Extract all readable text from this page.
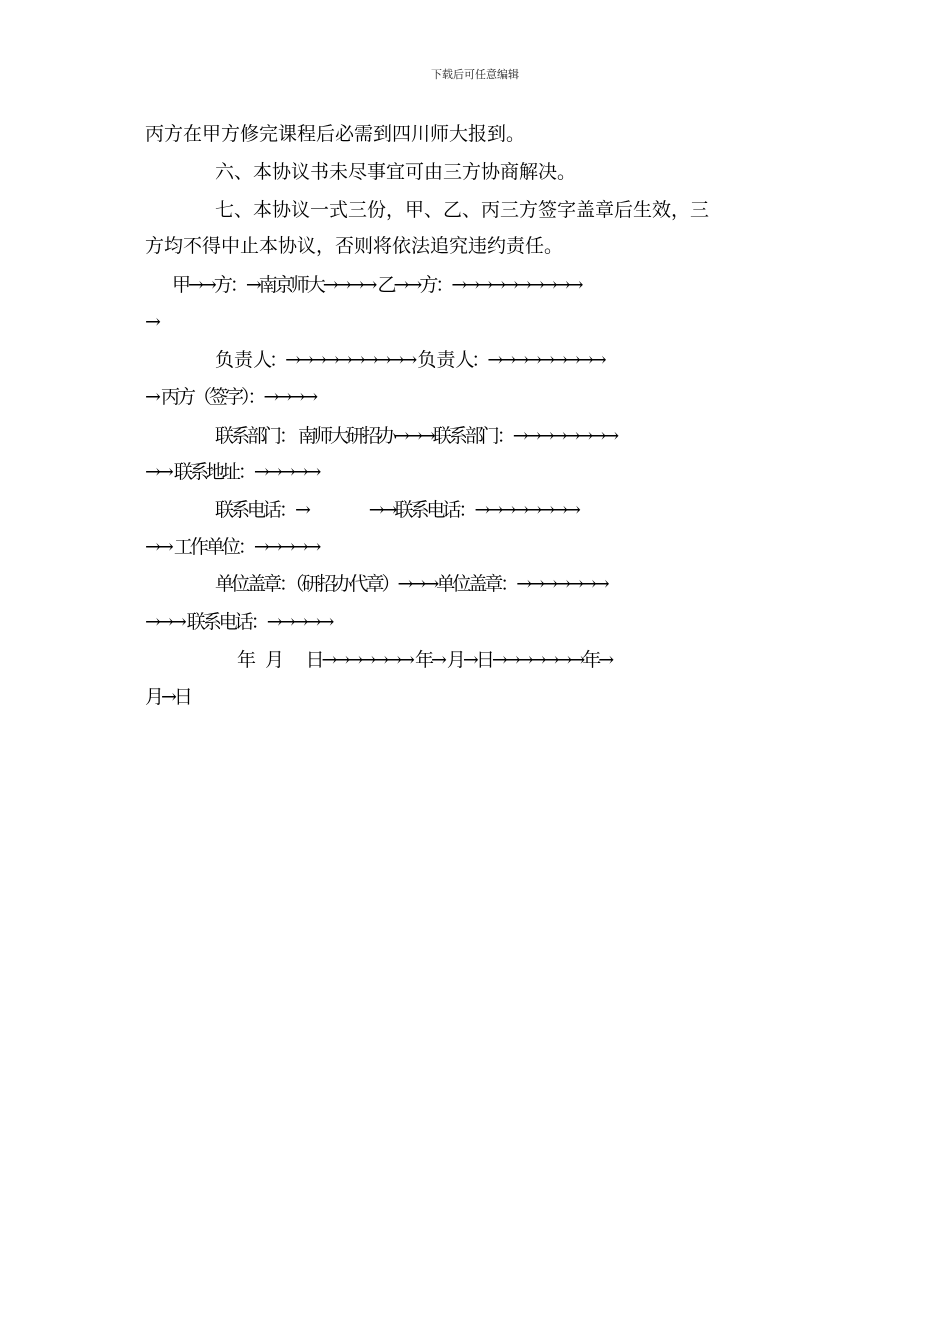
下载后可任意编辑
丙方在甲方修完课程后必需到四川师大报到。
六、本协议书未尽事宜可由三方协商解决。
七、本协议一式三份，甲、乙、丙三方签字盖章后生效，三
方均不得中止本协议，否则将依法追究违约责任。
甲→→方：→南京师大→→→→ 乙→→方：→→→→→→→→→→
→
负 责 人：→→→→→→→→→→ 负 责 人：→→→→→→→→→
→ 丙方（签字）：→→→→
联系部门： 南师大研招办→→→联系部门：→→→→→→→→
→→ 联系地址：→→→→→
联系电话：→                    →→联系电话：→→→→→→→→
→→ 工作单位：→→→→→
单位盖章：（研招办代章）→→→单位盖章：→→→→→→→
→→→ 联系电话：→→→→→
年    月        日→→→→→→→ 年→ 月→日→→→→→→→年→
月→日
